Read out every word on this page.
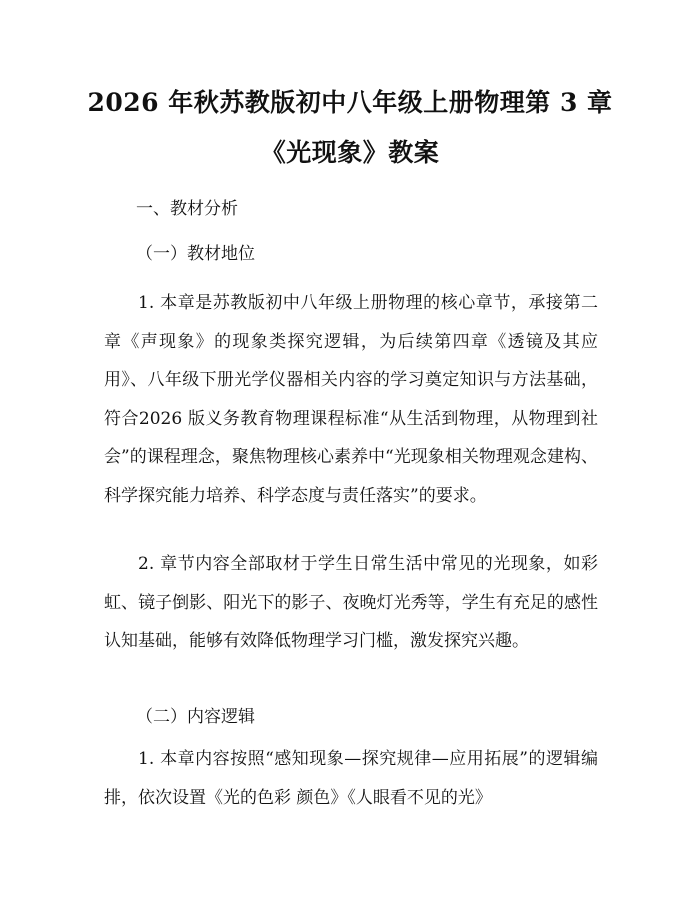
2026 年秋苏教版初中八年级上册物理第 3 章
《光现象》教案
一、教材分析
（一）教材地位

1. 本章是苏教版初中八年级上册物理的核心章节，承接第二章《声现象》的现象类探究逻辑，为后续第四章《透镜及其应用》、八年级下册光学仪器相关内容的学习奠定知识与方法基础，符合2026 版义务教育物理课程标准“从生活到物理，从物理到社会”的课程理念，聚焦物理核心素养中“光现象相关物理观念建构、科学探究能力培养、科学态度与责任落实”的要求。

2. 章节内容全部取材于学生日常生活中常见的光现象，如彩虹、镜子倒影、阳光下的影子、夜晚灯光秀等，学生有充足的感性认知基础，能够有效降低物理学习门槛，激发探究兴趣。

（二）内容逻辑

1. 本章内容按照“感知现象—探究规律—应用拓展”的逻辑编排，依次设置《光的色彩 颜色》《人眼看不见的光》
